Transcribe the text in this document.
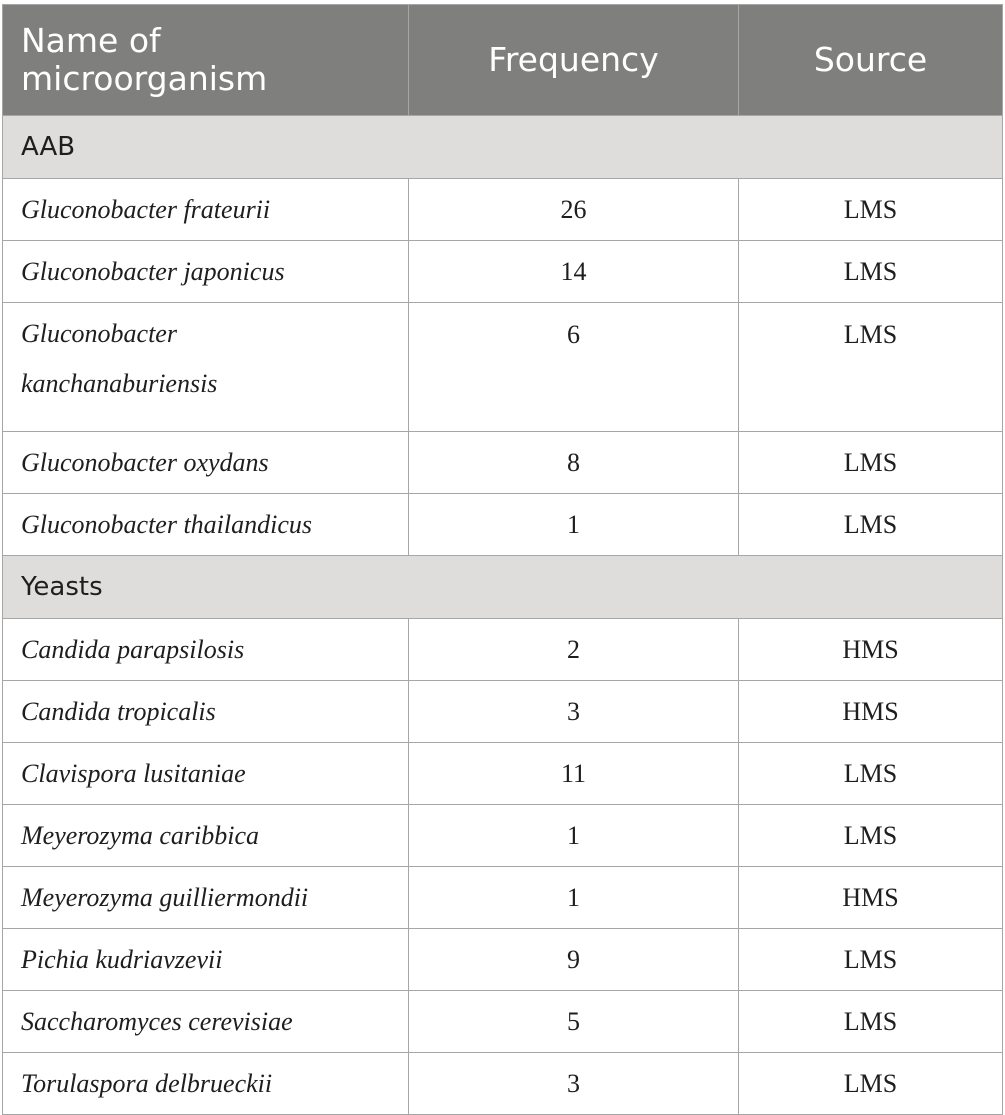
Name of
microorganism	Frequency	Source
AAB		
Gluconobacter frateurii	26	LMS
Gluconobacter japonicus	14	LMS
Gluconobacter
kanchanaburiensis	6	LMS
Gluconobacter oxydans	8	LMS
Gluconobacter thailandicus	1	LMS
Yeasts		
Candida parapsilosis	2	HMS
Candida tropicalis	3	HMS
Clavispora lusitaniae	11	LMS
Meyerozyma caribbica	1	LMS
Meyerozyma guilliermondii	1	HMS
Pichia kudriavzevii	9	LMS
Saccharomyces cerevisiae	5	LMS
Torulaspora delbrueckii	3	LMS
